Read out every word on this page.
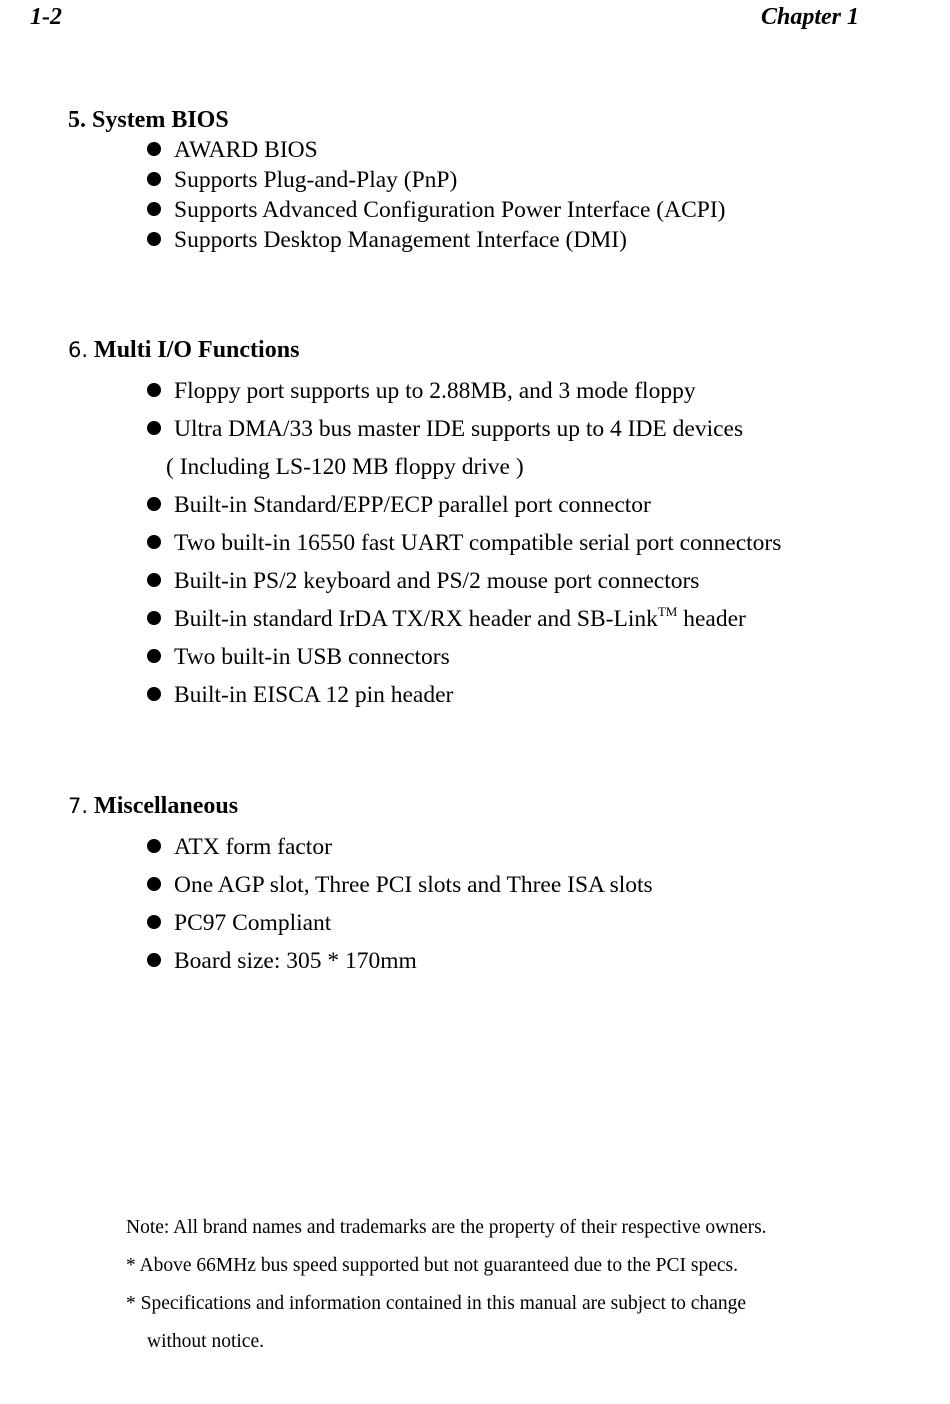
1-2	Chapter 1
5. System BIOS
AWARD BIOS
Supports Plug-and-Play (PnP)
Supports Advanced Configuration Power Interface (ACPI)
Supports Desktop Management Interface (DMI)
6. Multi I/O Functions
Floppy port supports up to 2.88MB, and 3 mode floppy
Ultra DMA/33 bus master IDE supports up to 4 IDE devices
( Including LS-120 MB floppy drive )
Built-in Standard/EPP/ECP parallel port connector
Two built-in 16550 fast UART compatible serial port connectors
Built-in PS/2 keyboard and PS/2 mouse port connectors
Built-in standard IrDA TX/RX header and SB-Link™ header
Two built-in USB connectors
Built-in EISCA 12 pin header
7. Miscellaneous
ATX form factor
One AGP slot, Three PCI slots and Three ISA slots
PC97 Compliant
Board size: 305 * 170mm
Note: All brand names and trademarks are the property of their respective owners.
* Above 66MHz bus speed supported but not guaranteed due to the PCI specs.
* Specifications and information contained in this manual are subject to change
without notice.
